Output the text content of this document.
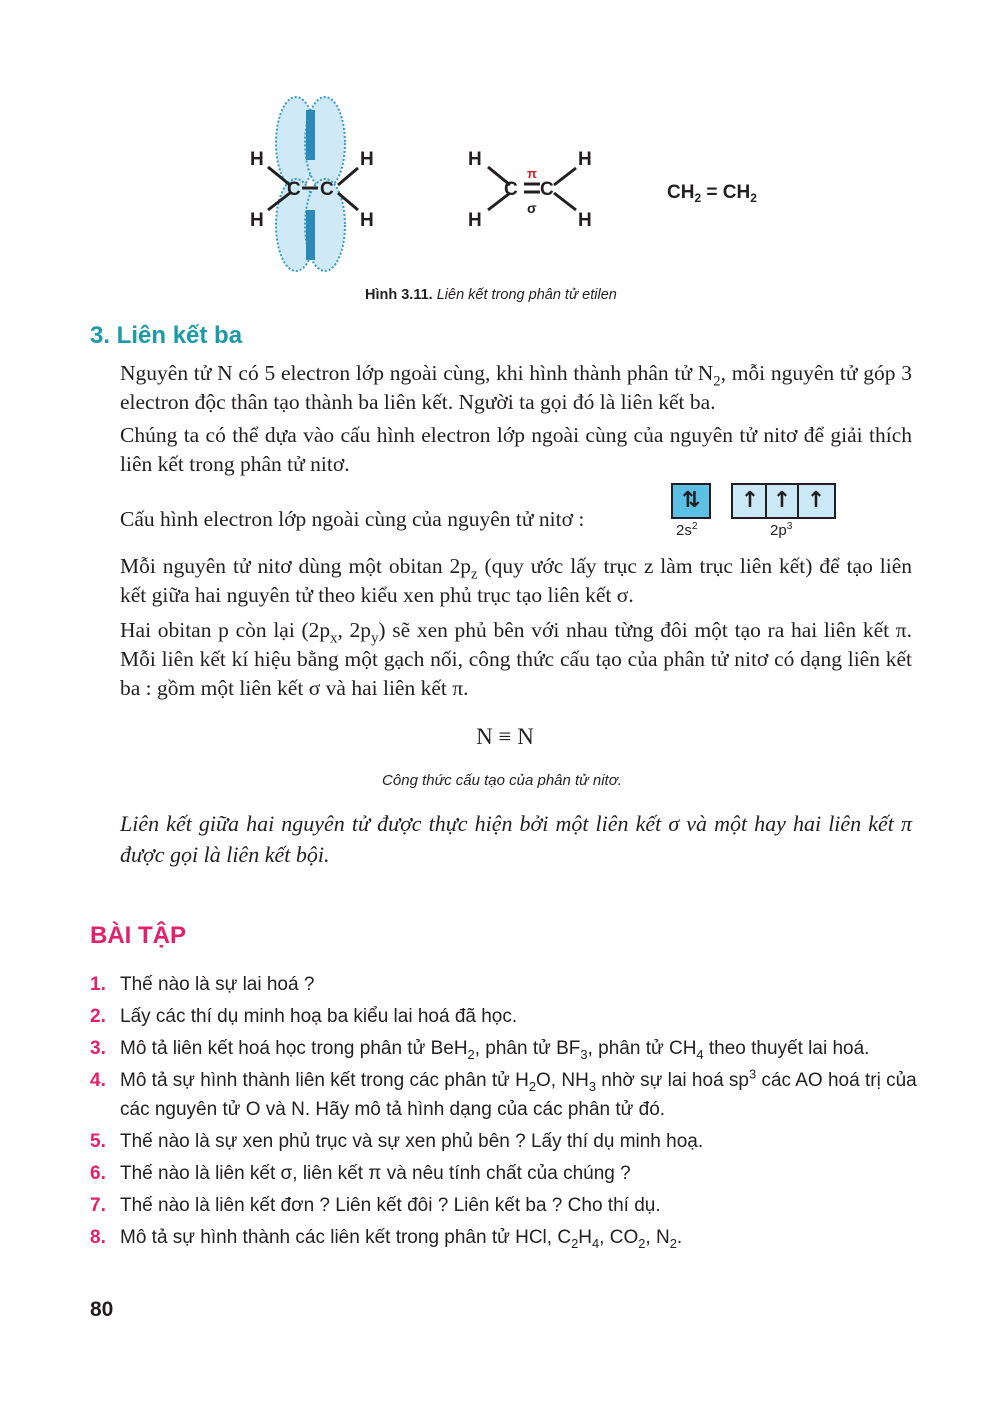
H	H
H	H
C C
H	H
H	H
C C
π
σ
$CH_2 = CH_2$
Hình 3.11. Liên kết trong phân tử etilen
3. Liên kết ba
Nguyên tử N có 5 electron lớp ngoài cùng, khi hình thành phân tử $N_2$, mỗi nguyên tử góp 3 electron độc thân tạo thành ba liên kết. Người ta gọi đó là liên kết ba.
Chúng ta có thể dựa vào cấu hình electron lớp ngoài cùng của nguyên tử nitơ để giải thích liên kết trong phân tử nitơ.
Cấu hình electron lớp ngoài cùng của nguyên tử nitơ :
⇅
$2s^2$
↑ ↑ ↑
$2p^3$
Mỗi nguyên tử nitơ dùng một obitan $2p_z$ (quy ước lấy trục z làm trục liên kết) để tạo liên kết giữa hai nguyên tử theo kiểu xen phủ trục tạo liên kết σ.
Hai obitan p còn lại ($2p_x$, $2p_y$) sẽ xen phủ bên với nhau từng đôi một tạo ra hai liên kết π. Mỗi liên kết kí hiệu bằng một gạch nối, công thức cấu tạo của phân tử nitơ có dạng liên kết ba : gồm một liên kết σ và hai liên kết π.
N ≡ N
Công thức cấu tạo của phân tử nitơ.
Liên kết giữa hai nguyên tử được thực hiện bởi một liên kết σ và một hay hai liên kết π được gọi là liên kết bội.
BÀI TẬP
1. Thế nào là sự lai hoá ?
2. Lấy các thí dụ minh hoạ ba kiểu lai hoá đã học.
3. Mô tả liên kết hoá học trong phân tử BeH$_2$, phân tử $BF_3$, phân tử $CH_4$ theo thuyết lai hoá.
4. Mô tả sự hình thành liên kết trong các phân tử $H_2O$, $NH_3$ nhờ sự lai hoá $sp^3$ các AO hoá trị của các nguyên tử O và N. Hãy mô tả hình dạng của các phân tử đó.
5. Thế nào là sự xen phủ trục và sự xen phủ bên ? Lấy thí dụ minh hoạ.
6. Thế nào là liên kết σ, liên kết π và nêu tính chất của chúng ?
7. Thế nào là liên kết đơn ? Liên kết đôi ? Liên kết ba ? Cho thí dụ.
8. Mô tả sự hình thành các liên kết trong phân tử HCl, $C_2H_4$, $CO_2$, $N_2$.
80
